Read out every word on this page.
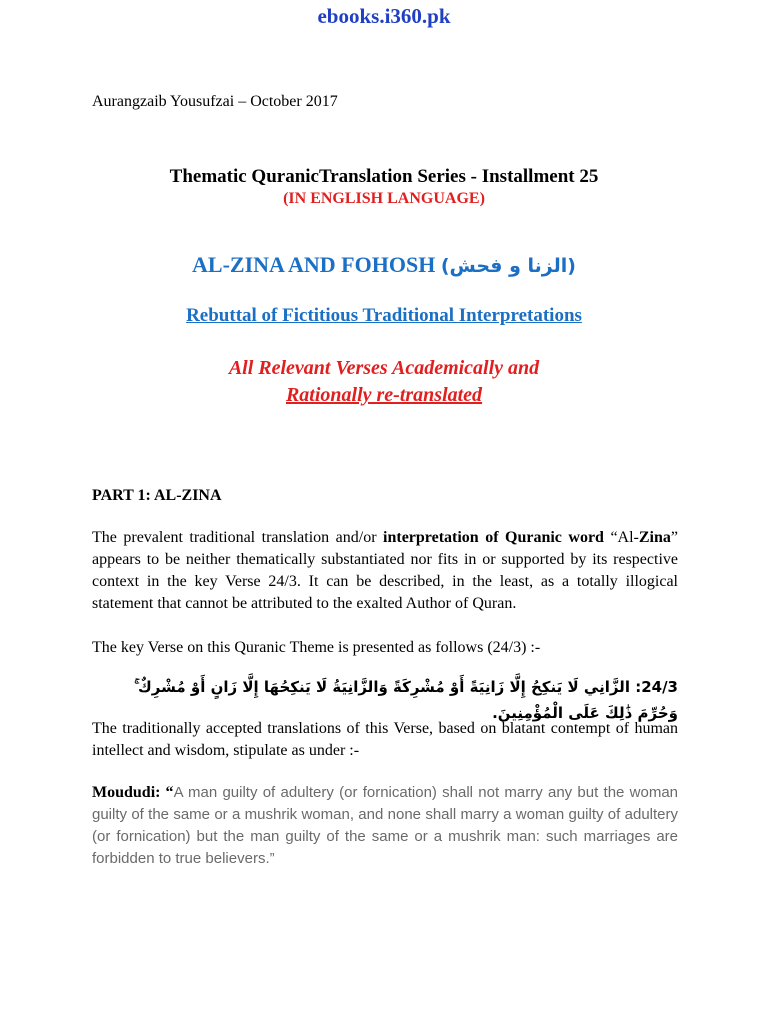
ebooks.i360.pk
Aurangzaib Yousufzai – October 2017
Thematic QuranicTranslation Series - Installment 25
(IN ENGLISH LANGUAGE)
AL-ZINA AND FOHOSH (الزنا و فحش)
Rebuttal of Fictitious Traditional Interpretations
All Relevant Verses Academically and
Rationally re-translated
PART 1: AL-ZINA
The prevalent traditional translation and/or interpretation of Quranic word “Al-Zina” appears to be neither thematically substantiated nor fits in or supported by its respective context in the key Verse 24/3. It can be described, in the least, as a totally illogical statement that cannot be attributed to the exalted Author of Quran.
The key Verse on this Quranic Theme is presented as follows (24/3) :-
24/3: الزَّانِي لَا يَنكِحُ إِلَّا زَانِيَةً أَوْ مُشْرِكَةً وَالزَّانِيَةُ لَا يَنكِحُهَا إِلَّا زَانٍ أَوْ مُشْرِكٌ ۚ وَحُرِّمَ ذَٰلِكَ عَلَى الْمُؤْمِنِينَ.
The traditionally accepted translations of this Verse, based on blatant contempt of human intellect and wisdom, stipulate as under :-
Moududi: “A man guilty of adultery (or fornication) shall not marry any but the woman guilty of the same or a mushrik woman, and none shall marry a woman guilty of adultery (or fornication) but the man guilty of the same or a mushrik man: such marriages are forbidden to true believers.”
